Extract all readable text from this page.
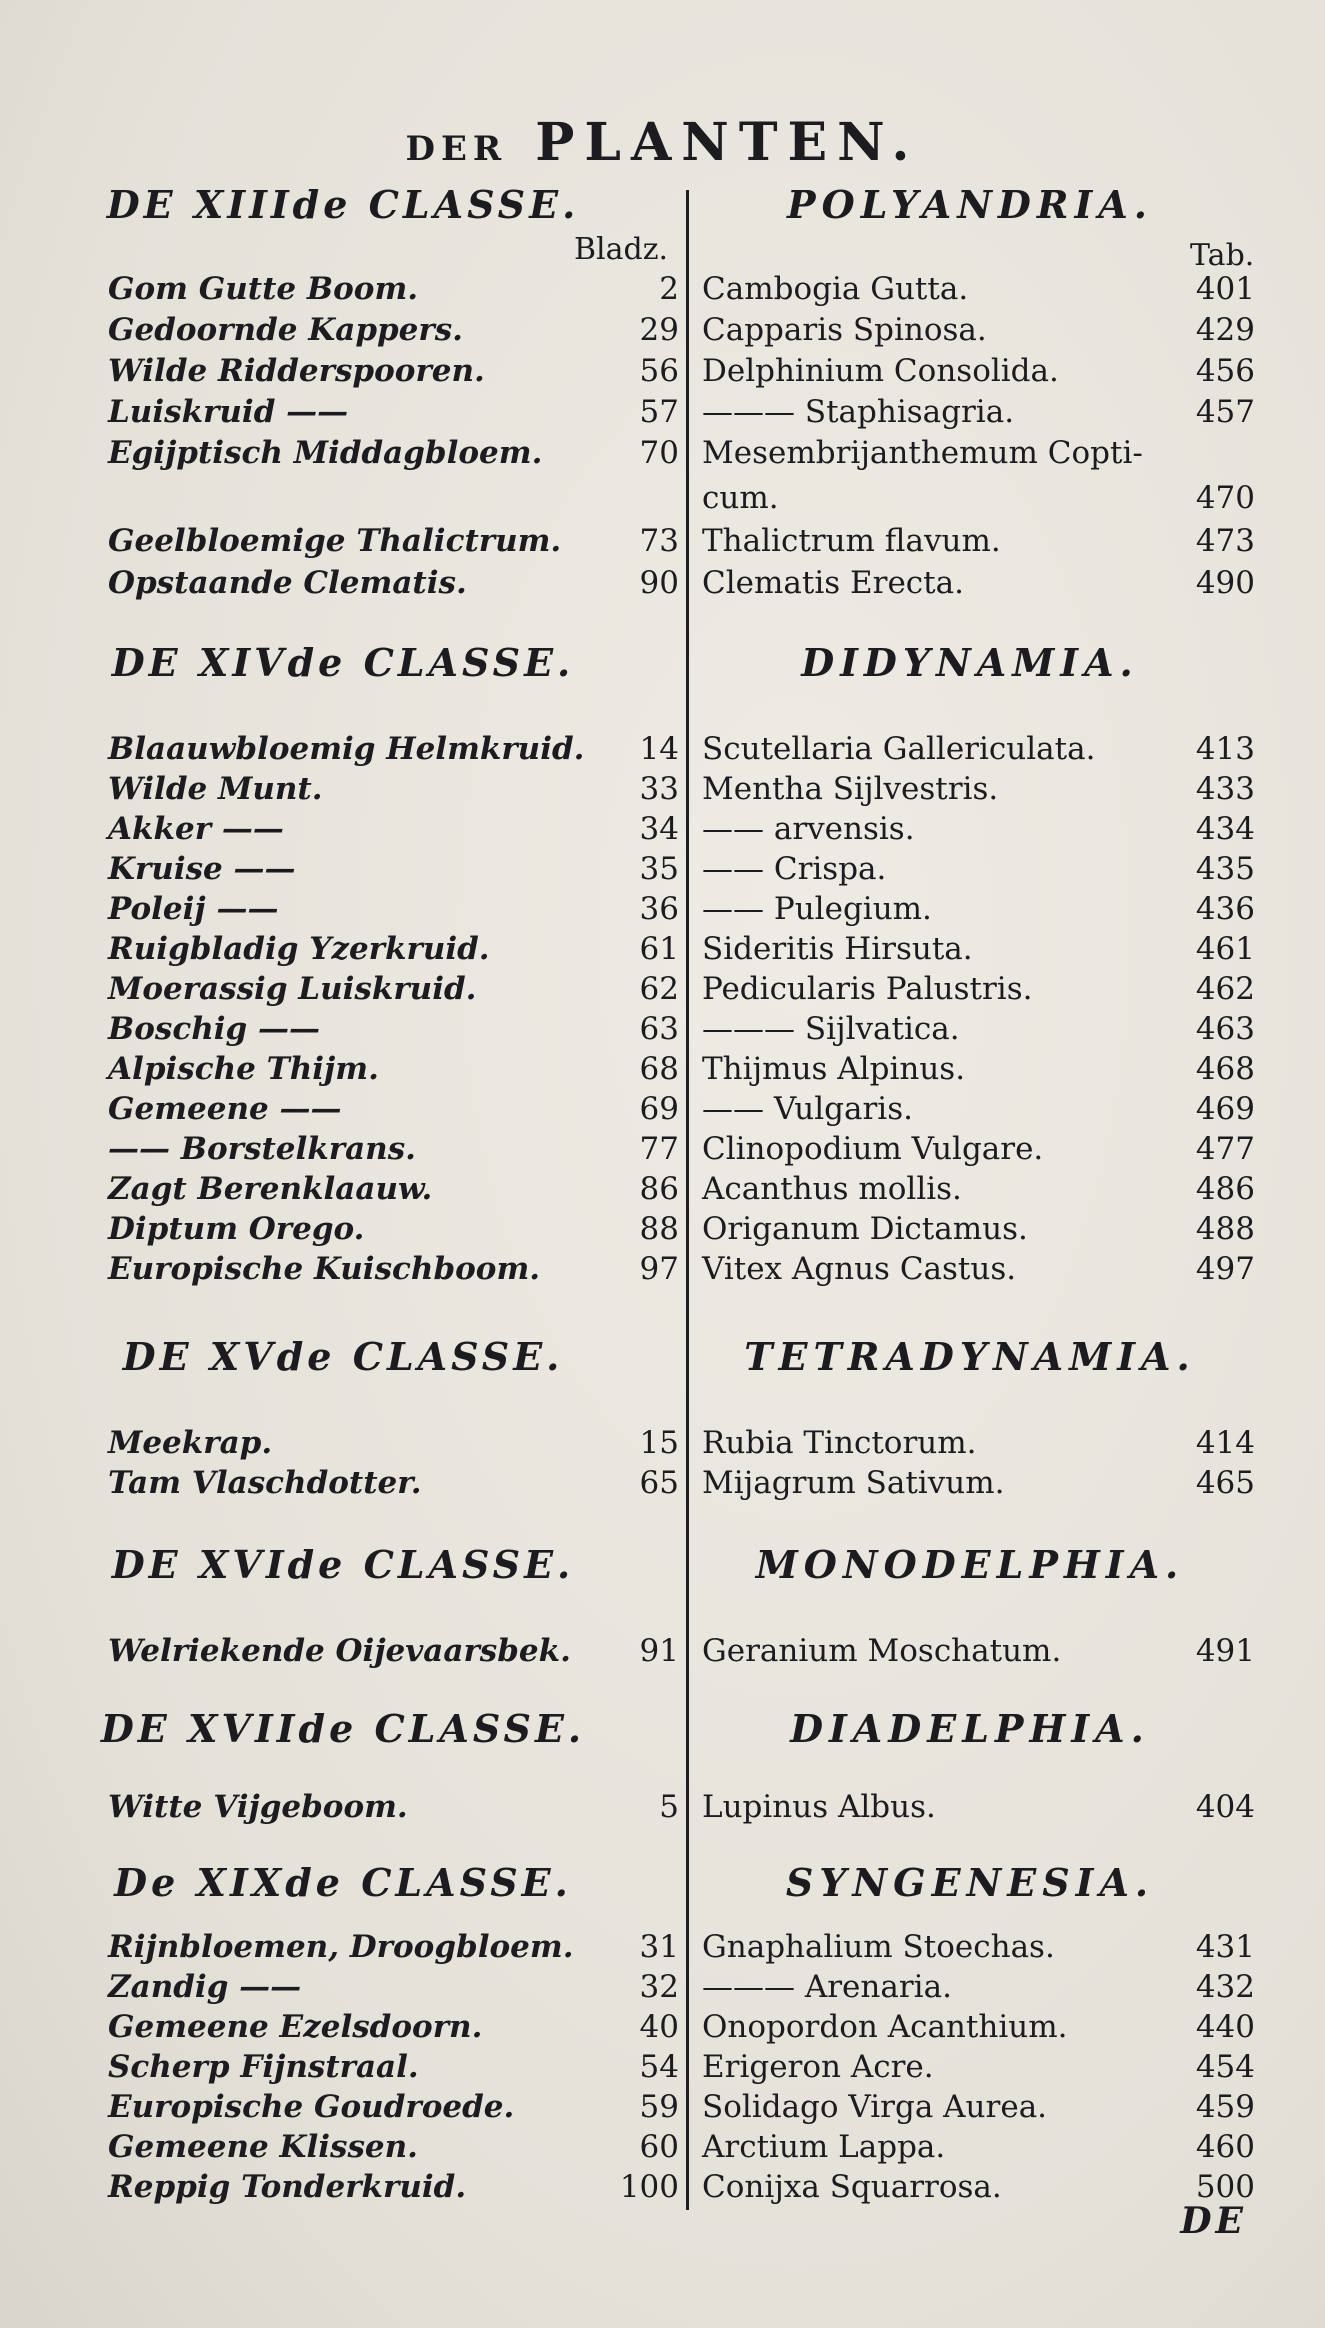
DER PLANTEN.
Bladz.	Tab.
DE XIIIde CLASSE.	POLYANDRIA.
Gom Gutte Boom.	2 Cambogia Gutta.	401
Gedoornde Kappers.	29 Capparis Spinosa.	429
Wilde Ridderspooren.	56 Delphinium Consolida.	456
Luiskruid ——	57 ——— Staphisagria.	457
Egijptisch Middagbloem.	70 Mesembrijanthemum Copti-
cum.	470
Geelbloemige Thalictrum.	73 Thalictrum flavum.	473
Opstaande Clematis.	90 Clematis Erecta.	490
DE XIVde CLASSE.	DIDYNAMIA.
Blaauwbloemig Helmkruid. 14 Scutellaria Gallericulata.	413
Wilde Munt.	33 Mentha Sijlvestris.	433
Akker ——	34 —— arvensis.	434
Kruise ——	35 —— Crispa.	435
Poleij ——	36 —— Pulegium.	436
Ruigbladig Yzerkruid.	61 Sideritis Hirsuta.	461
Moerassig Luiskruid.	62 Pedicularis Palustris.	462
Boschig ——	63 ——— Sijlvatica.	463
Alpische Thijm.	68 Thijmus Alpinus.	468
Gemeene ——	69 —— Vulgaris.	469
—— Borstelkrans.	77 Clinopodium Vulgare.	477
Zagt Berenklaauw.	86 Acanthus mollis.	486
Diptum Orego.	88 Origanum Dictamus.	488
Europische Kuischboom.	97 Vitex Agnus Castus.	497
DE XVde CLASSE.	TETRADYNAMIA.
Meekrap.	15 Rubia Tinctorum.	414
Tam Vlaschdotter.	65 Mijagrum Sativum.	465
DE XVIde CLASSE.	MONODELPHIA.
Welriekende Oijevaarsbek. 91 Geranium Moschatum.	491
DE XVIIde CLASSE.	DIADELPHIA.
Witte Vijgeboom.	5 Lupinus Albus.	404
De XIXde CLASSE.	SYNGENESIA.
Rijnbloemen, Droogbloem. 31 Gnaphalium Stoechas.	431
Zandig ——	32 ——— Arenaria.	432
Gemeene Ezelsdoorn.	40 Onopordon Acanthium.	440
Scherp Fijnstraal.	54 Erigeron Acre.	454
Europische Goudroede.	59 Solidago Virga Aurea.	459
Gemeene Klissen.	60 Arctium Lappa.	460
Reppig Tonderkruid.	100 Conijxa Squarrosa.	500
DE
